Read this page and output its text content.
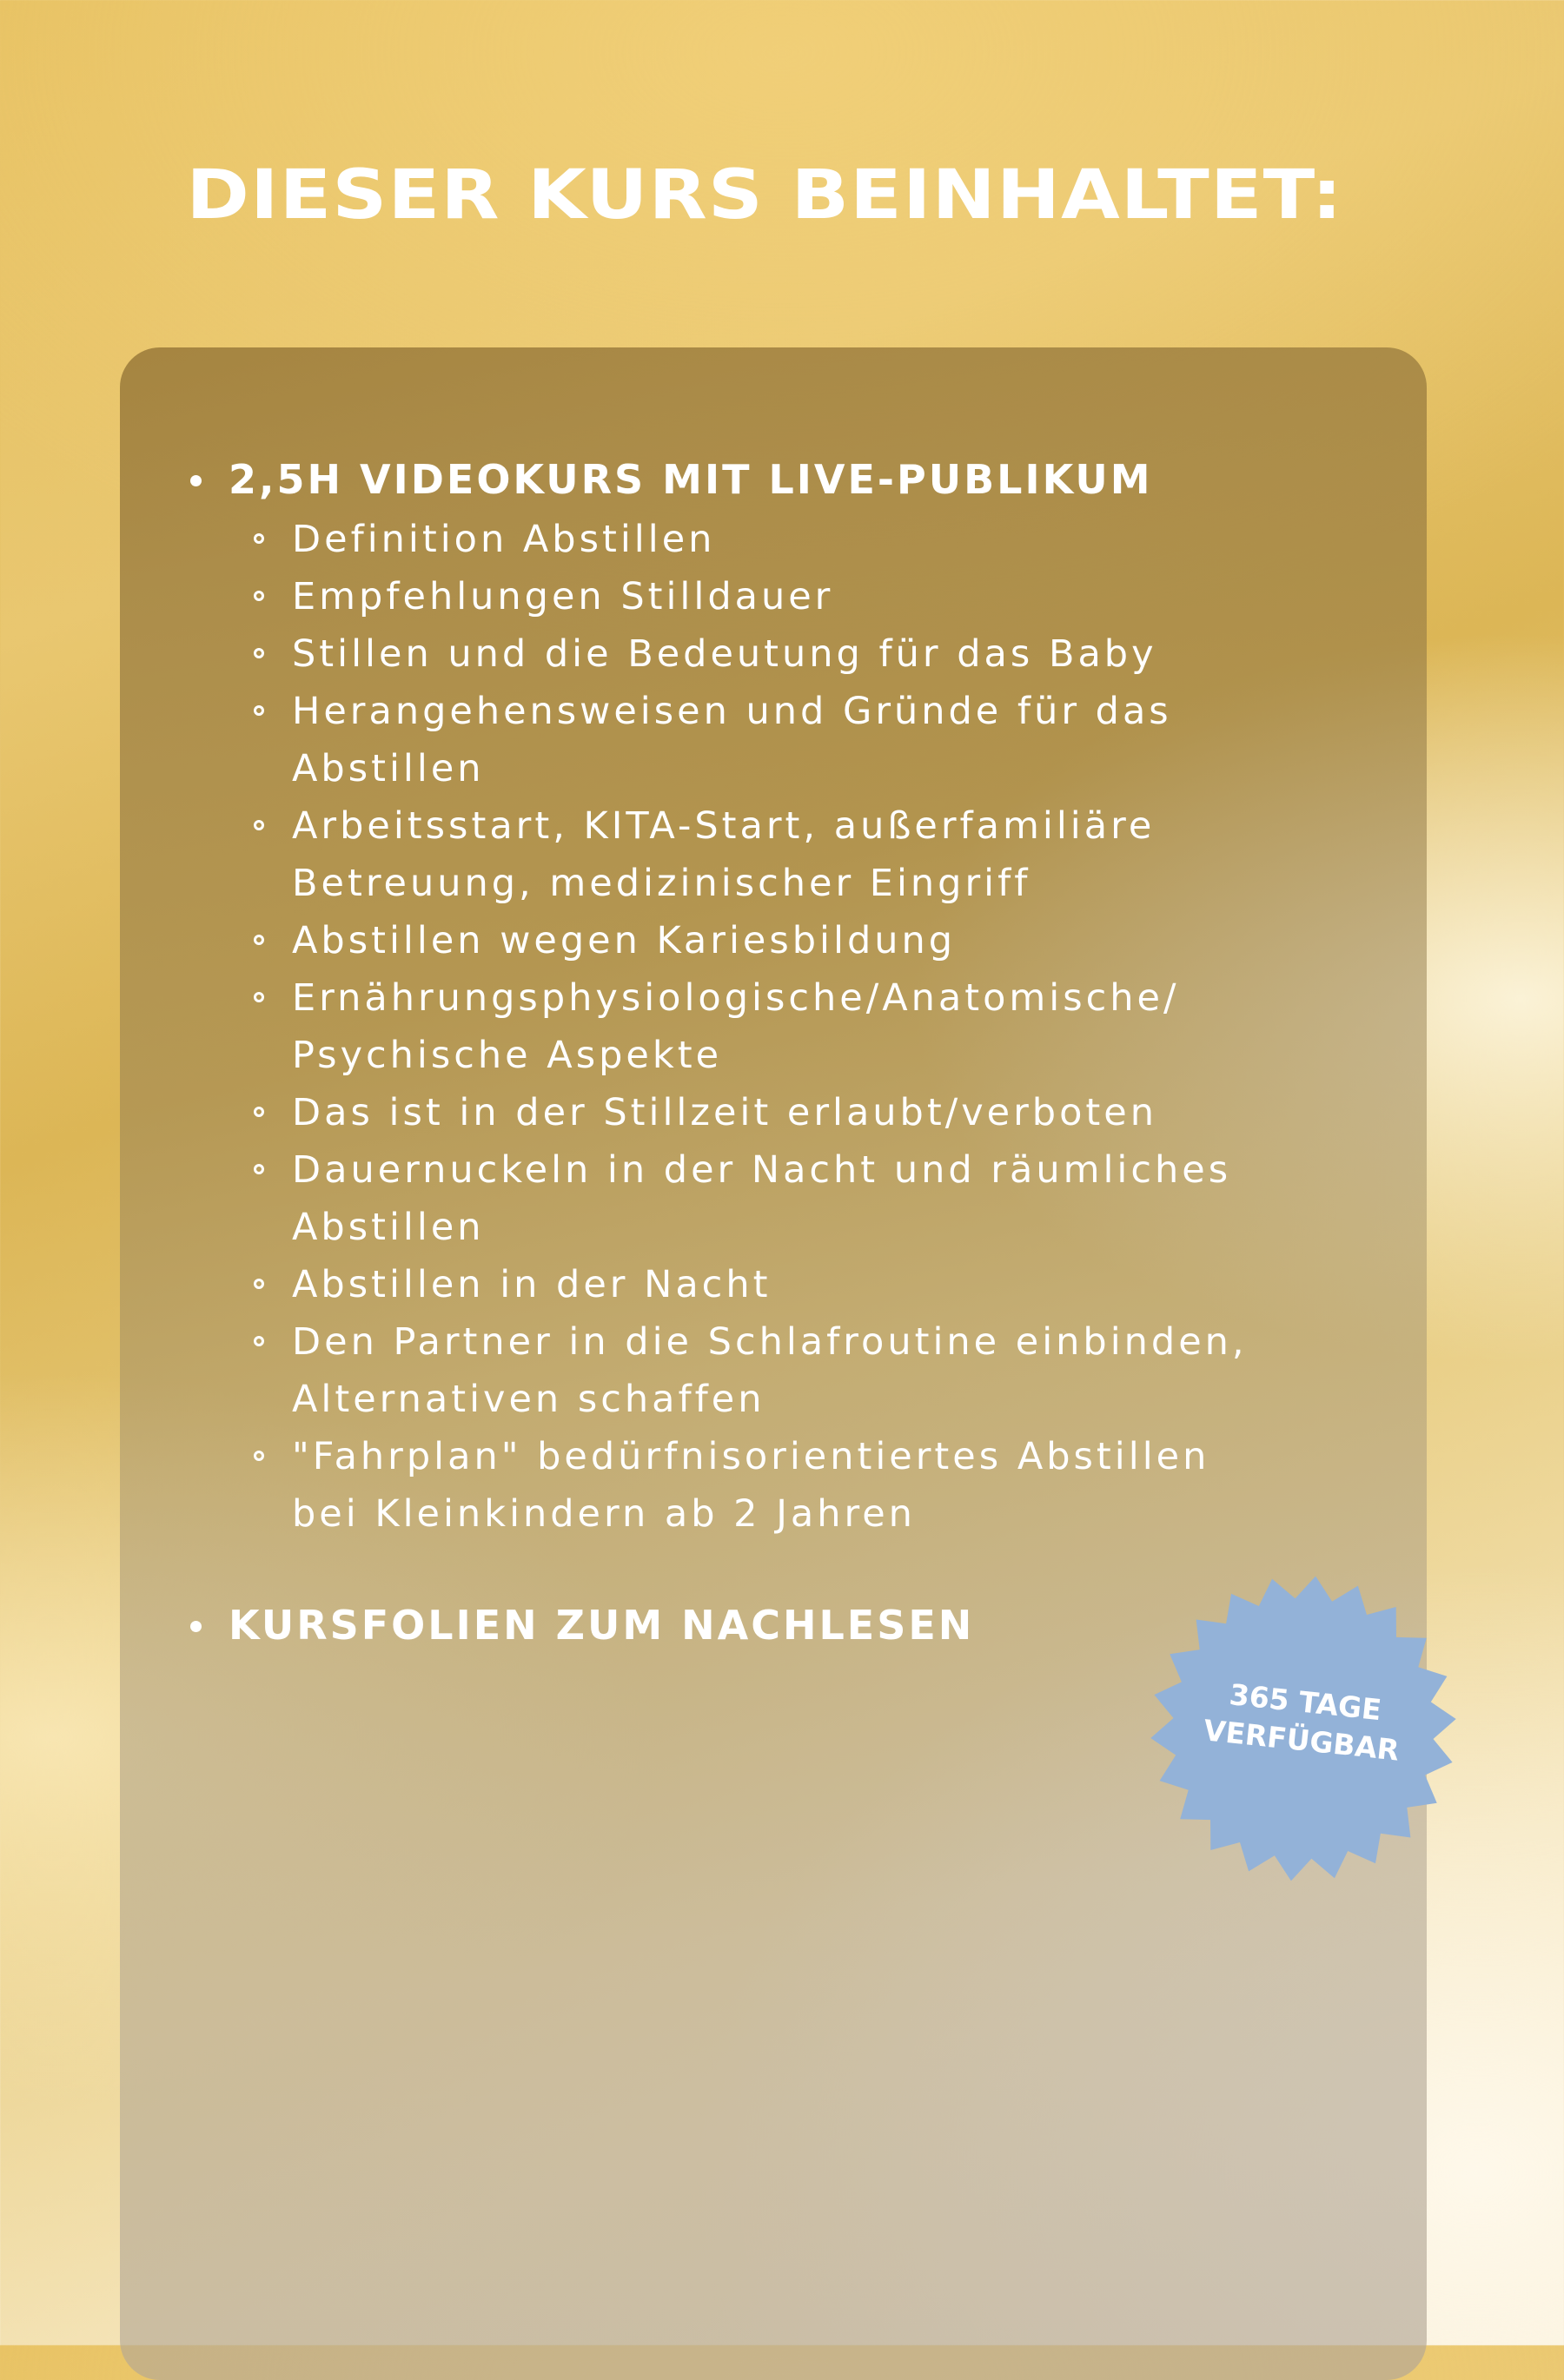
DIESER KURS BEINHALTET:
2,5H VIDEOKURS MIT LIVE-PUBLIKUM
Definition Abstillen
Empfehlungen Stilldauer
Stillen und die Bedeutung für das Baby
Herangehensweisen und Gründe für das
Abstillen
Arbeitsstart, KITA-Start, außerfamiliäre
Betreuung, medizinischer Eingriff
Abstillen wegen Kariesbildung
Ernährungsphysiologische/Anatomische/
Psychische Aspekte
Das ist in der Stillzeit erlaubt/verboten
Dauernuckeln in der Nacht und räumliches
Abstillen
Abstillen in der Nacht
Den Partner in die Schlafroutine einbinden,
Alternativen schaffen
"Fahrplan" bedürfnisorientiertes Abstillen
bei Kleinkindern ab 2 Jahren
KURSFOLIEN ZUM NACHLESEN
365 TAGE
VERFÜGBAR
